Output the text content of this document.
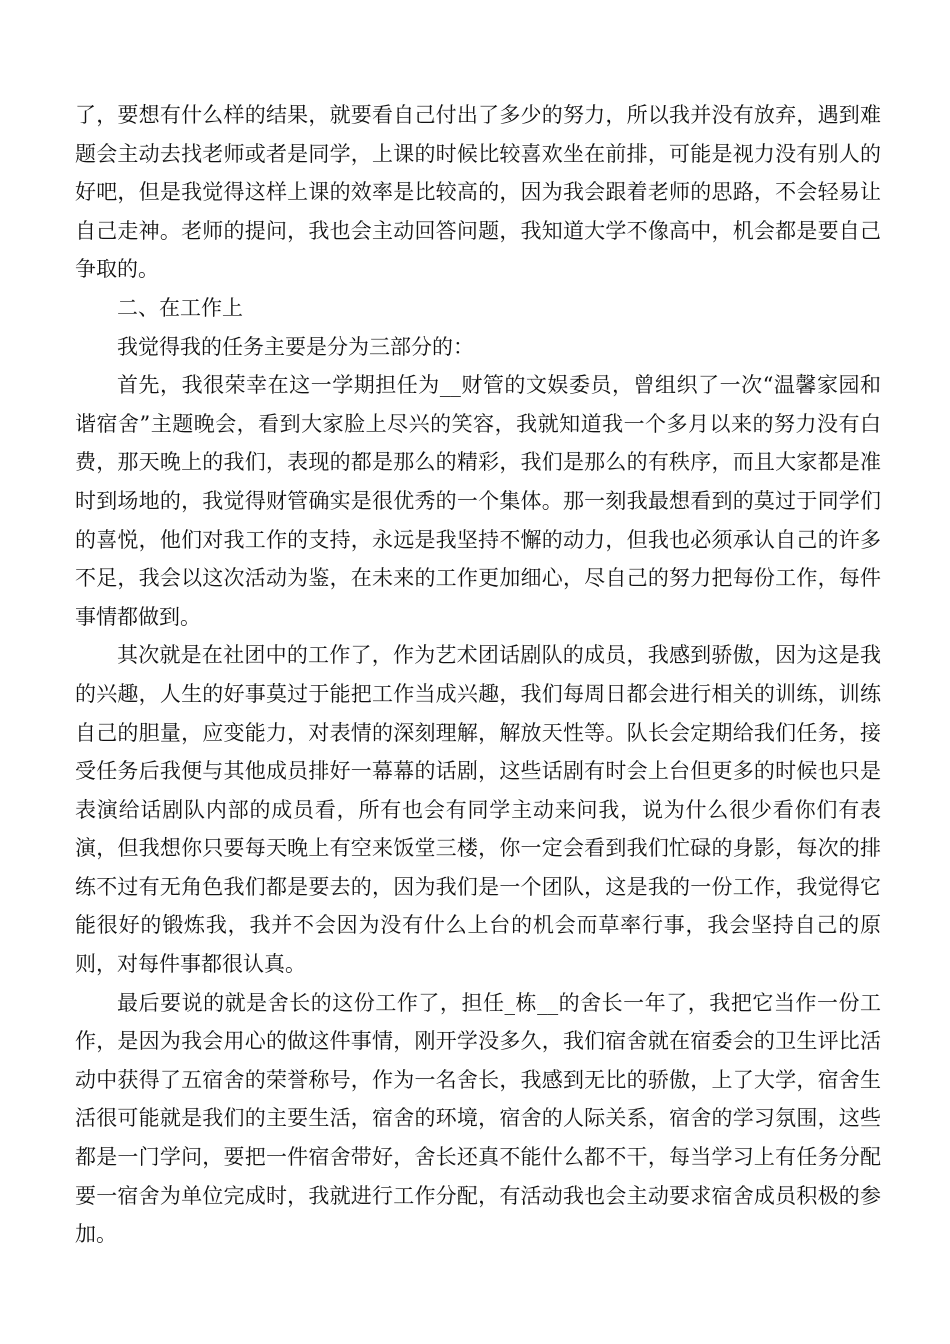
了，要想有什么样的结果，就要看自己付出了多少的努力，所以我并没有放弃，遇到难题会主动去找老师或者是同学，上课的时候比较喜欢坐在前排，可能是视力没有别人的好吧，但是我觉得这样上课的效率是比较高的，因为我会跟着老师的思路，不会轻易让自己走神。老师的提问，我也会主动回答问题，我知道大学不像高中，机会都是要自己争取的。

二、在工作上

我觉得我的任务主要是分为三部分的：

首先，我很荣幸在这一学期担任为__财管的文娱委员，曾组织了一次“温馨家园和谐宿舍”主题晚会，看到大家脸上尽兴的笑容，我就知道我一个多月以来的努力没有白费，那天晚上的我们，表现的都是那么的精彩，我们是那么的有秩序，而且大家都是准时到场地的，我觉得财管确实是很优秀的一个集体。那一刻我最想看到的莫过于同学们的喜悦，他们对我工作的支持，永远是我坚持不懈的动力，但我也必须承认自己的许多不足，我会以这次活动为鉴，在未来的工作更加细心，尽自己的努力把每份工作，每件事情都做到。

其次就是在社团中的工作了，作为艺术团话剧队的成员，我感到骄傲，因为这是我的兴趣，人生的好事莫过于能把工作当成兴趣，我们每周日都会进行相关的训练，训练自己的胆量，应变能力，对表情的深刻理解，解放天性等。队长会定期给我们任务，接受任务后我便与其他成员排好一幕幕的话剧，这些话剧有时会上台但更多的时候也只是表演给话剧队内部的成员看，所有也会有同学主动来问我，说为什么很少看你们有表演，但我想你只要每天晚上有空来饭堂三楼，你一定会看到我们忙碌的身影，每次的排练不过有无角色我们都是要去的，因为我们是一个团队，这是我的一份工作，我觉得它能很好的锻炼我，我并不会因为没有什么上台的机会而草率行事，我会坚持自己的原则，对每件事都很认真。

最后要说的就是舍长的这份工作了，担任_栋__的舍长一年了，我把它当作一份工作，是因为我会用心的做这件事情，刚开学没多久，我们宿舍就在宿委会的卫生评比活动中获得了五宿舍的荣誉称号，作为一名舍长，我感到无比的骄傲，上了大学，宿舍生活很可能就是我们的主要生活，宿舍的环境，宿舍的人际关系，宿舍的学习氛围，这些都是一门学问，要把一件宿舍带好，舍长还真不能什么都不干，每当学习上有任务分配要一宿舍为单位完成时，我就进行工作分配，有活动我也会主动要求宿舍成员积极的参加。
